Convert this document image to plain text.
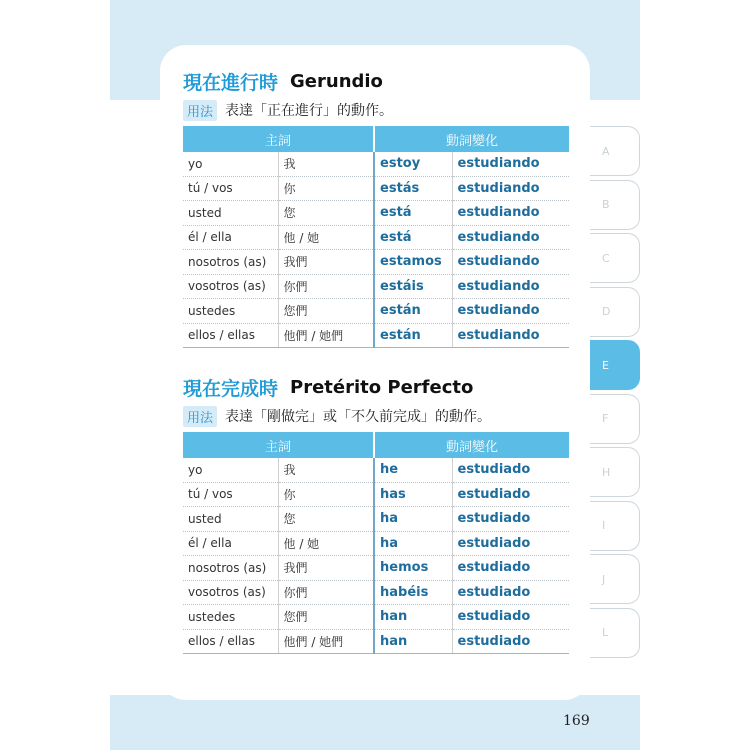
現在進行時 Gerundio
用法 表達「正在進行」的動作。
主詞		動詞變化	
yo	我	estoy	estudiando
tú / vos	你	estás	estudiando
usted	您	está	estudiando
él / ella	他 / 她	está	estudiando
nosotros (as)	我們	estamos	estudiando
vosotros (as)	你們	estáis	estudiando
ustedes	您們	están	estudiando
ellos / ellas	他們 / 她們	están	estudiando
現在完成時 Pretérito Perfecto
用法 表達「剛做完」或「不久前完成」的動作。
主詞		動詞變化	
yo	我	he	estudiado
tú / vos	你	has	estudiado
usted	您	ha	estudiado
él / ella	他 / 她	ha	estudiado
nosotros (as)	我們	hemos	estudiado
vosotros (as)	你們	habéis	estudiado
ustedes	您們	han	estudiado
ellos / ellas	他們 / 她們	han	estudiado
A
B
C
D
E
F
H
I
J
L
169
